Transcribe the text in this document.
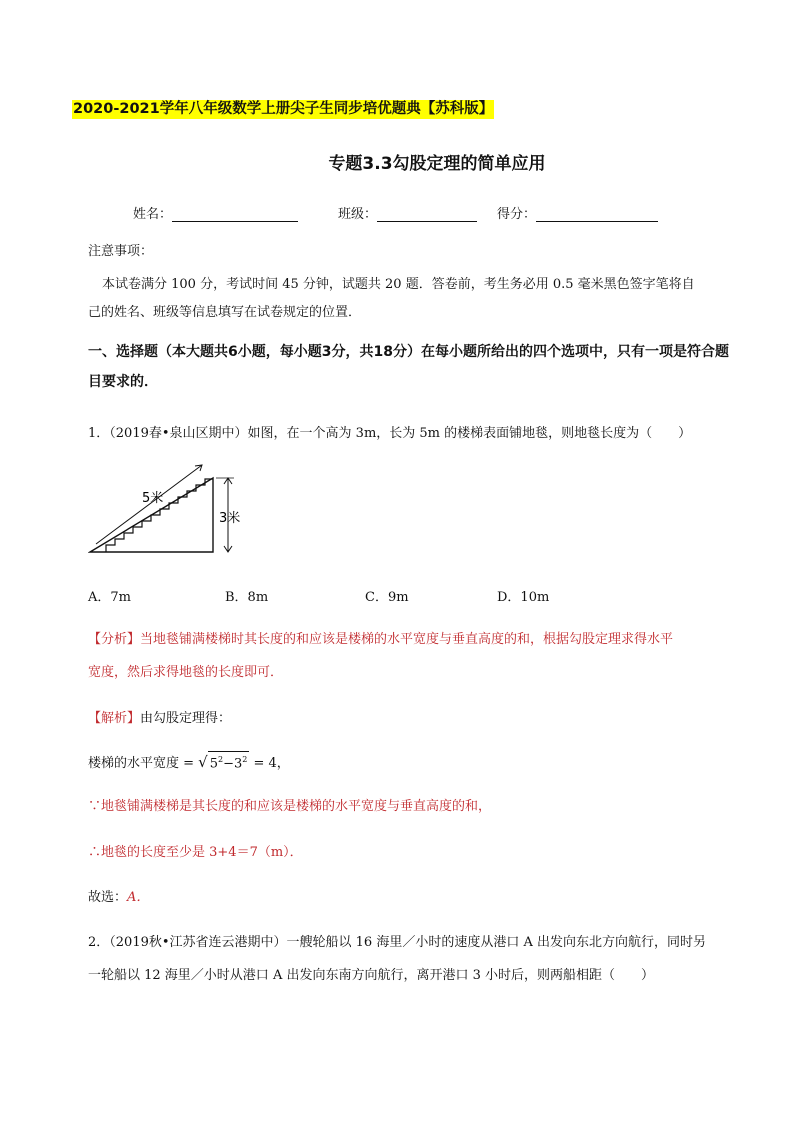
2020-2021学年八年级数学上册尖子生同步培优题典【苏科版】
专题3.3勾股定理的简单应用
姓名：	班级：	得分：
注意事项：
本试卷满分 100 分，考试时间 45 分钟，试题共 20 题．答卷前，考生务必用 0.5 毫米黑色签字笔将自
己的姓名、班级等信息填写在试卷规定的位置．
一、选择题（本大题共6小题，每小题3分，共18分）在每小题所给出的四个选项中，只有一项是符合题
目要求的．
1．（2019春•泉山区期中）如图，在一个高为 3m，长为 5m 的楼梯表面铺地毯，则地毯长度为（　　）
5米
3米
A．7m	B．8m	C．9m	D．10m
【分析】当地毯铺满楼梯时其长度的和应该是楼梯的水平宽度与垂直高度的和，根据勾股定理求得水平
宽度，然后求得地毯的长度即可．
【解析】由勾股定理得：
楼梯的水平宽度 = √ $5^2-3^2 = 4$，
∵地毯铺满楼梯是其长度的和应该是楼梯的水平宽度与垂直高度的和，
∴地毯的长度至少是 3+4＝7（m）．
故选：A．
2．（2019秋•江苏省连云港期中）一艘轮船以 16 海里／小时的速度从港口 A 出发向东北方向航行，同时另
一轮船以 12 海里／小时从港口 A 出发向东南方向航行，离开港口 3 小时后，则两船相距（　　）
